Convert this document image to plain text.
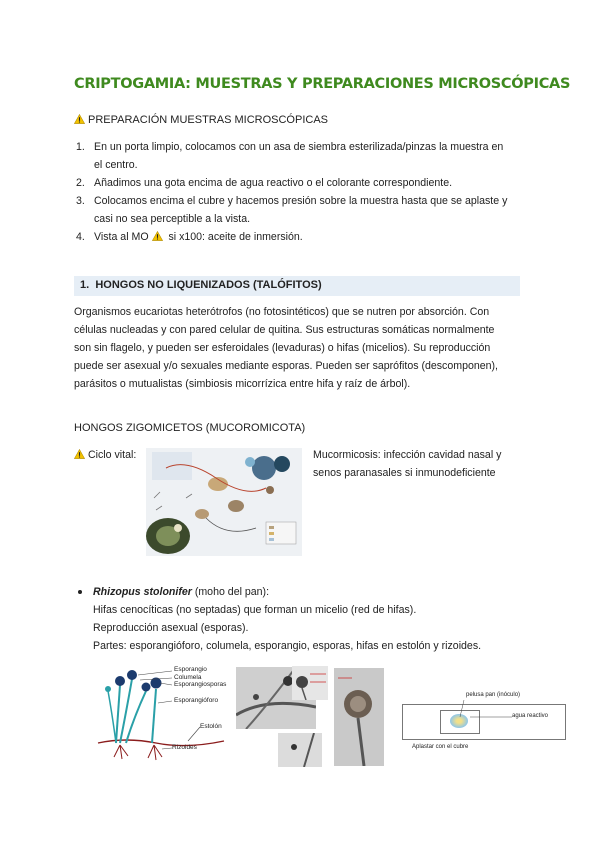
CRIPTOGAMIA: MUESTRAS Y PREPARACIONES MICROSCÓPICAS
PREPARACIÓN MUESTRAS MICROSCÓPICAS
1. En un porta limpio, colocamos con un asa de siembra esterilizada/pinzas la muestra en
el centro.
2. Añadimos una gota encima de agua reactivo o el colorante correspondiente.
3. Colocamos encima el cubre y hacemos presión sobre la muestra hasta que se aplaste y
casi no sea perceptible a la vista.
4. Vista al MO si x100: aceite de inmersión.
1. HONGOS NO LIQUENIZADOS (TALÓFITOS)
Organismos eucariotas heterótrofos (no fotosintéticos) que se nutren por absorción. Con
células nucleadas y con pared celular de quitina. Sus estructuras somáticas normalmente
son sin flagelo, y pueden ser esferoidales (levaduras) o hifas (micelios). Su reproducción
puede ser asexual y/o sexuales mediante esporas. Pueden ser saprófitos (descomponen),
parásitos o mutualistas (simbiosis micorrízica entre hifa y raíz de árbol).
HONGOS ZIGOMICETOS (MUCOROMICOTA)
Ciclo vital:	Mucormicosis: infección cavidad nasal y
senos paranasales si inmunodeficiente
Rhizopus stolonifer (moho del pan):
Hifas cenocíticas (no septadas) que forman un micelio (red de hifas).
Reproducción asexual (esporas).
Partes: esporangióforo, columela, esporangio, esporas, hifas en estolón y rizoides.
Esporangio
Columela
Esporangiosporas
Esporangióforo
Estolón
Rizoides
pelusa pan (inóculo)
agua reactivo
Aplastar con el cubre
